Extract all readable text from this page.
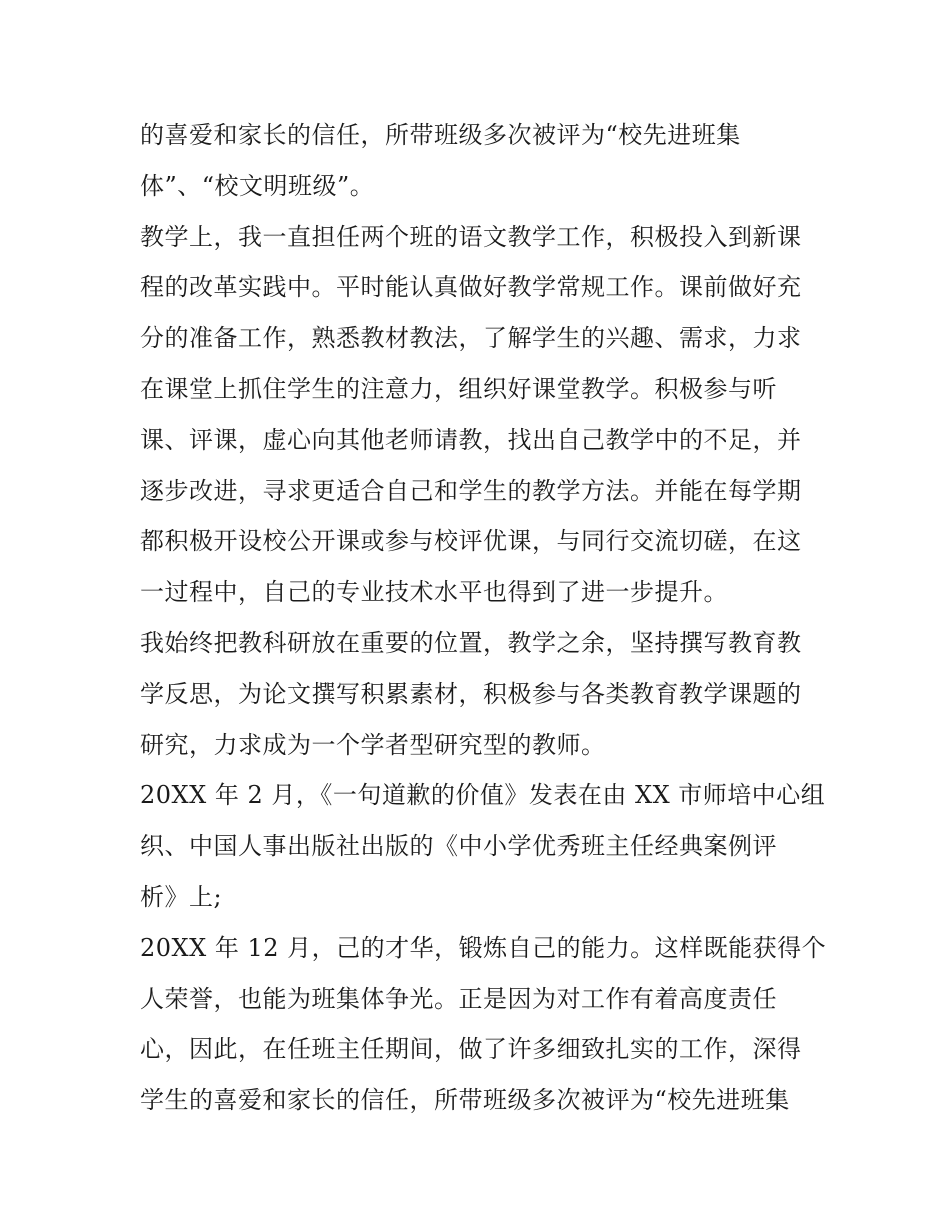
的喜爱和家长的信任，所带班级多次被评为“校先进班集
体”、“校文明班级”。
教学上，我一直担任两个班的语文教学工作，积极投入到新课
程的改革实践中。平时能认真做好教学常规工作。课前做好充
分的准备工作，熟悉教材教法，了解学生的兴趣、需求，力求
在课堂上抓住学生的注意力，组织好课堂教学。积极参与听
课、评课，虚心向其他老师请教，找出自己教学中的不足，并
逐步改进，寻求更适合自己和学生的教学方法。并能在每学期
都积极开设校公开课或参与校评优课，与同行交流切磋，在这
一过程中，自己的专业技术水平也得到了进一步提升。
我始终把教科研放在重要的位置，教学之余，坚持撰写教育教
学反思，为论文撰写积累素材，积极参与各类教育教学课题的
研究，力求成为一个学者型研究型的教师。
20XX 年 2 月，《一句道歉的价值》发表在由 XX 市师培中心组
织、中国人事出版社出版的《中小学优秀班主任经典案例评
析》上;
20XX 年 12 月，己的才华，锻炼自己的能力。这样既能获得个
人荣誉，也能为班集体争光。正是因为对工作有着高度责任
心，因此，在任班主任期间，做了许多细致扎实的工作，深得
学生的喜爱和家长的信任，所带班级多次被评为“校先进班集
